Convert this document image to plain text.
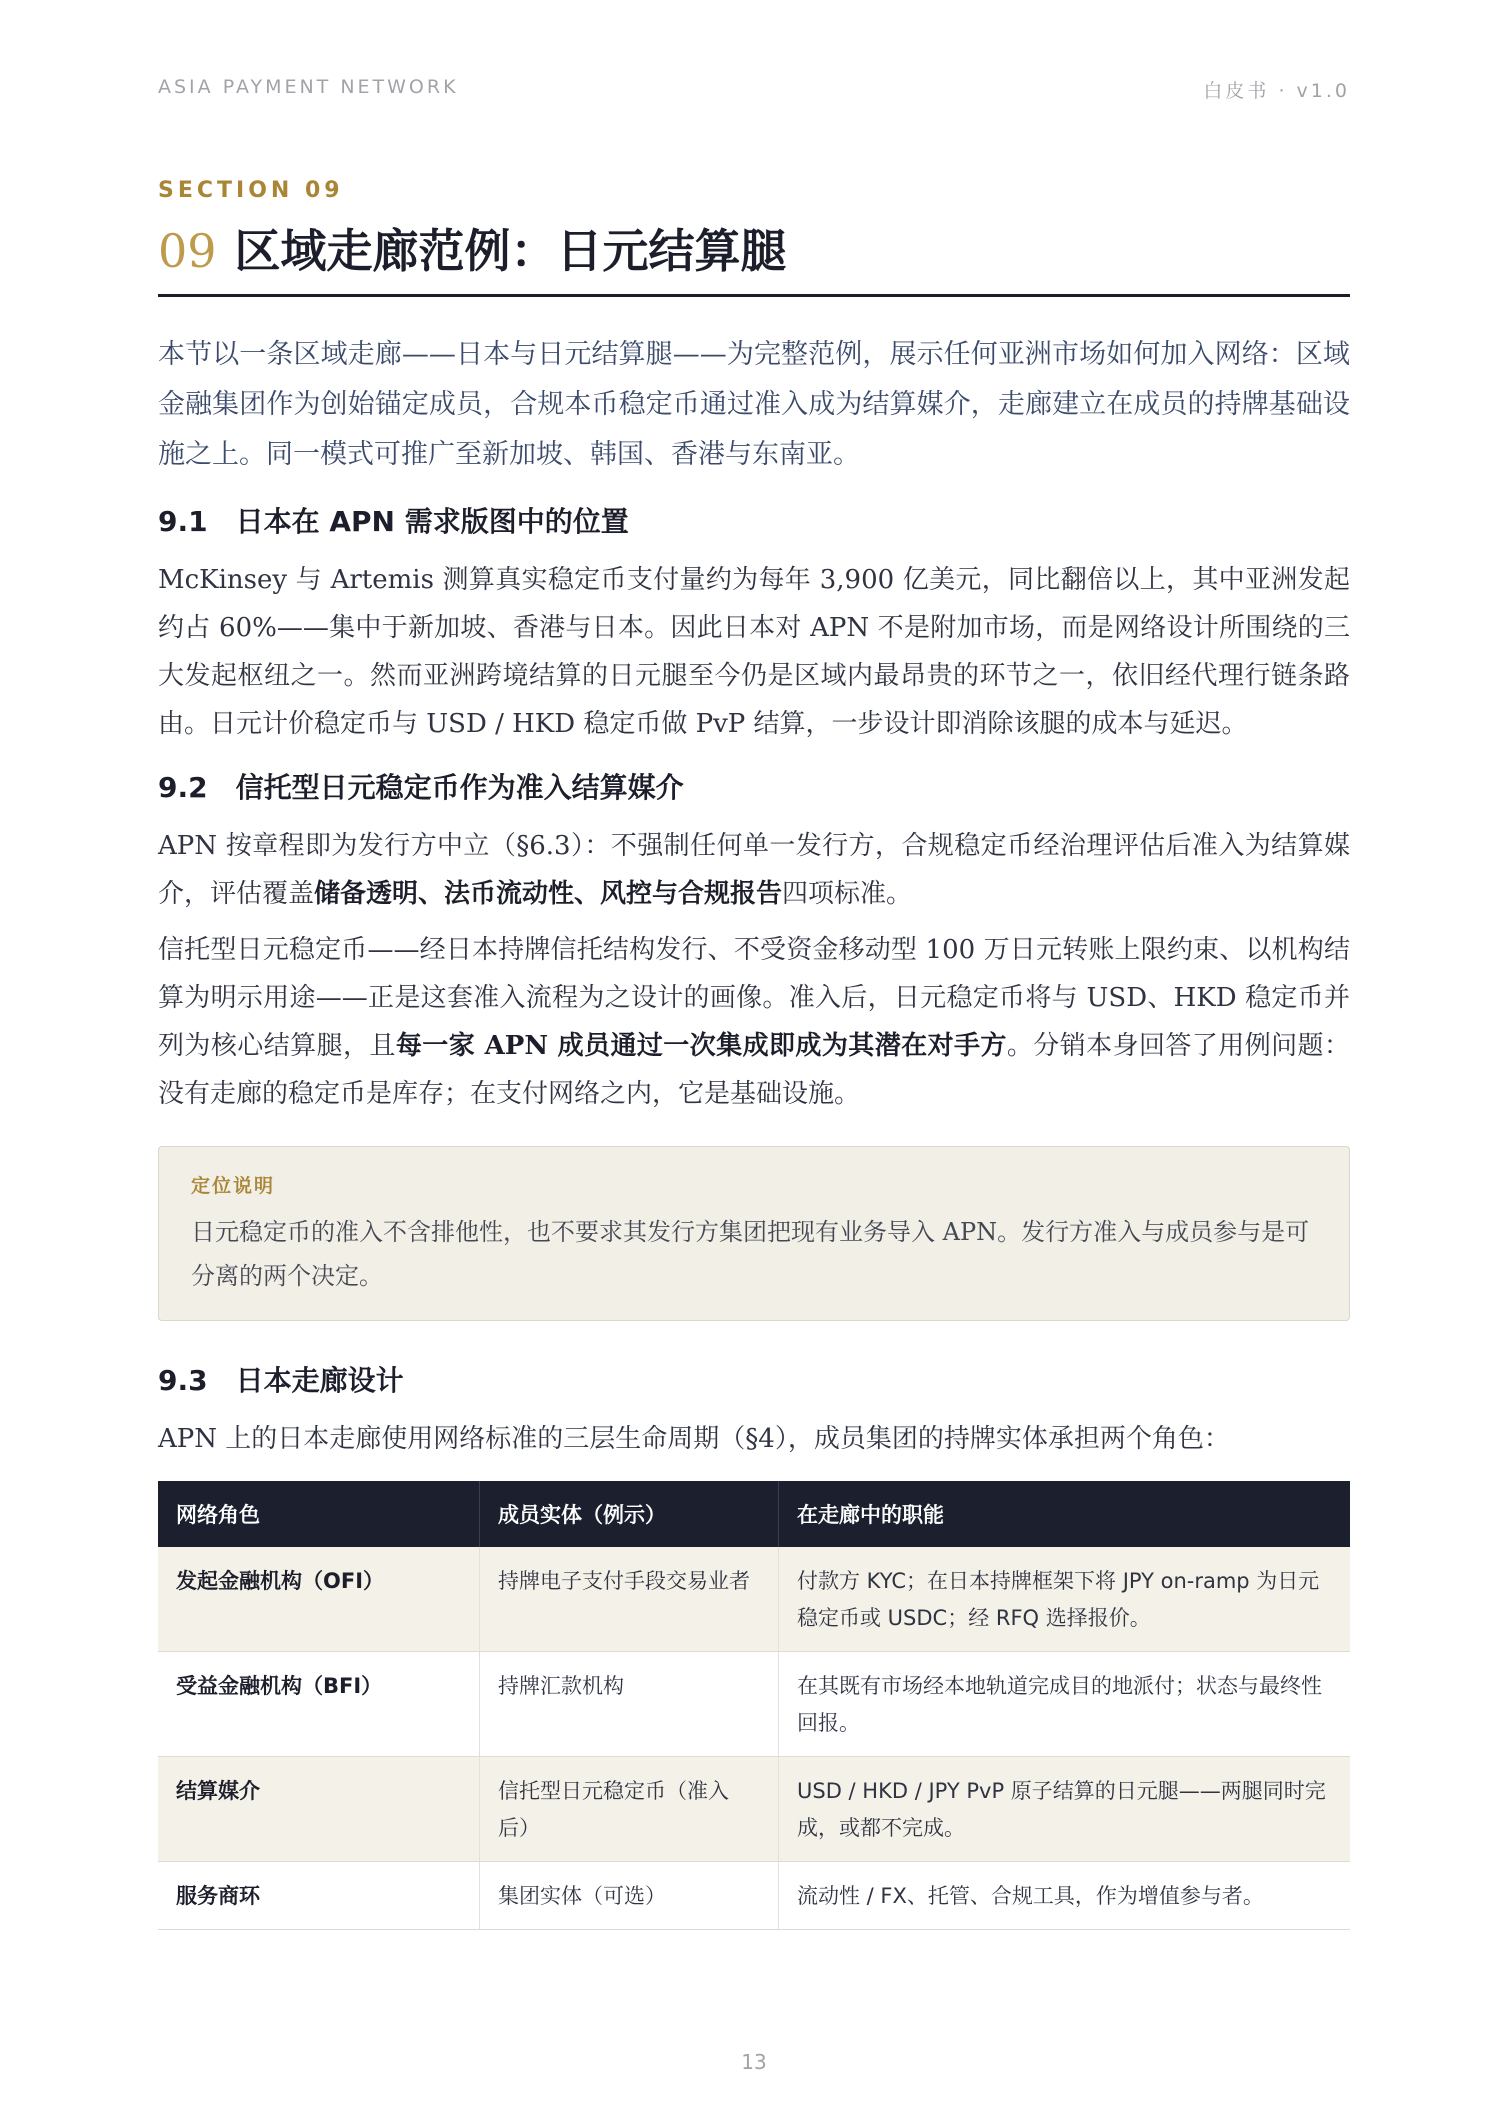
ASIA PAYMENT NETWORK	白皮书 · v1.0
SECTION 09
09 区域走廊范例：日元结算腿

本节以一条区域走廊——日本与日元结算腿——为完整范例，展示任何亚洲市场如何加入网络：区域金融集团作为创始锚定成员，合规本币稳定币通过准入成为结算媒介，走廊建立在成员的持牌基础设施之上。同一模式可推广至新加坡、韩国、香港与东南亚。

9.1 日本在 APN 需求版图中的位置

McKinsey 与 Artemis 测算真实稳定币支付量约为每年 3,900 亿美元，同比翻倍以上，其中亚洲发起约占 60%——集中于新加坡、香港与日本。因此日本对 APN 不是附加市场，而是网络设计所围绕的三大发起枢纽之一。然而亚洲跨境结算的日元腿至今仍是区域内最昂贵的环节之一，依旧经代理行链条路由。日元计价稳定币与 USD / HKD 稳定币做 PvP 结算，一步设计即消除该腿的成本与延迟。

9.2 信托型日元稳定币作为准入结算媒介

APN 按章程即为发行方中立（§6.3）：不强制任何单一发行方，合规稳定币经治理评估后准入为结算媒介，评估覆盖储备透明、法币流动性、风控与合规报告四项标准。

信托型日元稳定币——经日本持牌信托结构发行、不受资金移动型 100 万日元转账上限约束、以机构结算为明示用途——正是这套准入流程为之设计的画像。准入后，日元稳定币将与 USD、HKD 稳定币并列为核心结算腿，且每一家 APN 成员通过一次集成即成为其潜在对手方。分销本身回答了用例问题：没有走廊的稳定币是库存；在支付网络之内，它是基础设施。

定位说明
日元稳定币的准入不含排他性，也不要求其发行方集团把现有业务导入 APN。发行方准入与成员参与是可分离的两个决定。
9.3 日本走廊设计

APN 上的日本走廊使用网络标准的三层生命周期（§4），成员集团的持牌实体承担两个角色：

网络角色	成员实体（例示）	在走廊中的职能
发起金融机构（OFI）	持牌电子支付手段交易业者	付款方 KYC；在日本持牌框架下将 JPY on-ramp 为日元稳定币或 USDC；经 RFQ 选择报价。
受益金融机构（BFI）	持牌汇款机构	在其既有市场经本地轨道完成目的地派付；状态与最终性回报。
结算媒介	信托型日元稳定币（准入后）	USD / HKD / JPY PvP 原子结算的日元腿——两腿同时完成，或都不完成。
服务商环	集团实体（可选）	流动性 / FX、托管、合规工具，作为增值参与者。
13
